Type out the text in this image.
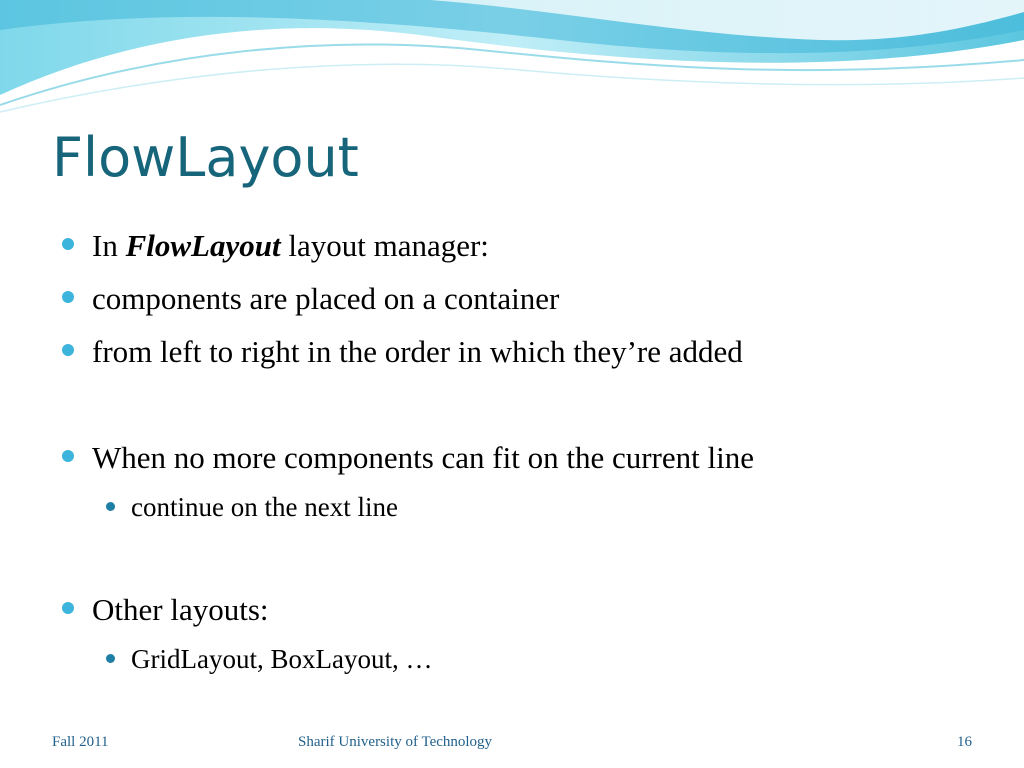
FlowLayout
In FlowLayout layout manager:
components are placed on a container
from left to right in the order in which they’re added
When no more components can fit on the current line
continue on the next line
Other layouts:
GridLayout, BoxLayout, …
Fall 2011	Sharif University of Technology	16
